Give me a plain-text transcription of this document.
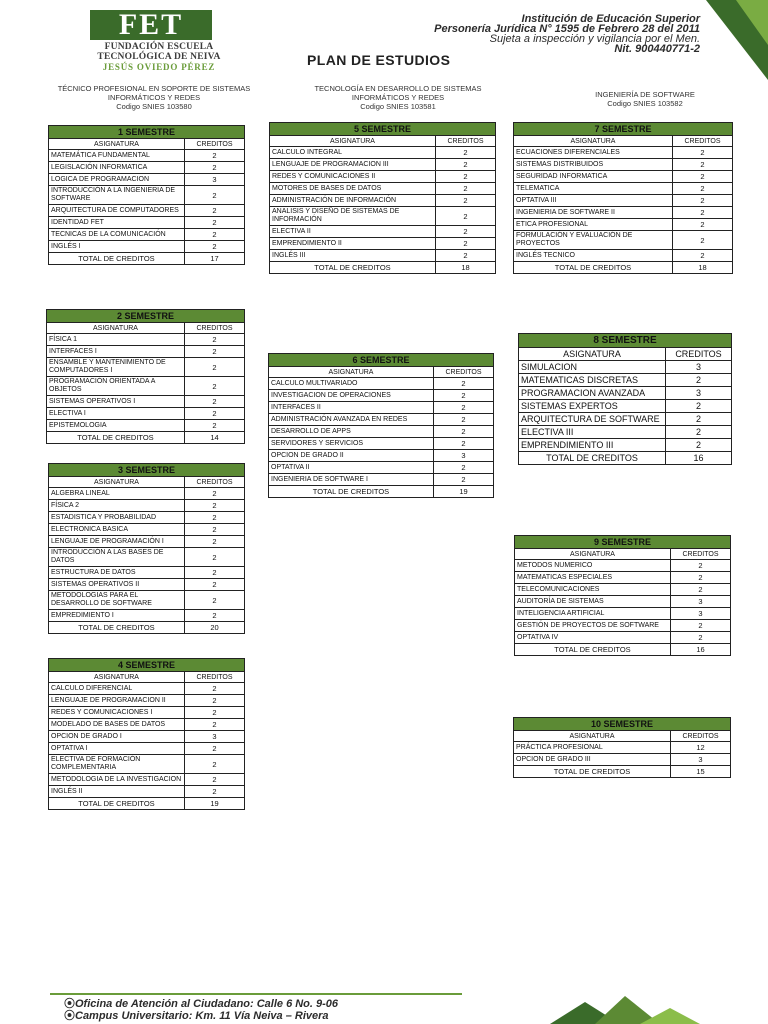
FET
FUNDACIÓN ESCUELA
TECNOLÓGICA DE NEIVA
JESÚS OVIEDO PÉREZ
Institución de Educación Superior
Personería Jurídica N° 1595 de Febrero 28 del 2011
Sujeta a inspección y vigilancia por el Men.
Nit. 900440771-2
PLAN DE ESTUDIOS
TÉCNICO PROFESIONAL EN SOPORTE DE SISTEMAS
INFORMÁTICOS Y REDES
Codigo SNIES 103580
TECNOLOGÍA EN DESARROLLO DE SISTEMAS
INFORMÁTICOS Y REDES
Codigo SNIES 103581
INGENIERÍA DE SOFTWARE
Codigo SNIES 103582
1 SEMESTRE	
ASIGNATURA	CREDITOS
MATEMÁTICA FUNDAMENTAL	2
LEGISLACIÓN INFORMATICA	2
LOGICA DE PROGRAMACION	3
INTRODUCCIÓN A LA INGENIERIA DE SOFTWARE	2
ARQUITECTURA DE COMPUTADORES	2
IDENTIDAD FET	2
TECNICAS DE LA COMUNICACIÓN	2
INGLÉS I	2
TOTAL DE CREDITOS	17
2 SEMESTRE	
ASIGNATURA	CREDITOS
FÍSICA 1	2
INTERFACES I	2
ENSAMBLE Y MANTENIMIENTO DE COMPUTADORES I	2
PROGRAMACIÓN ORIENTADA A OBJETOS	2
SISTEMAS OPERATIVOS I	2
ELECTIVA I	2
EPISTEMOLOGIA	2
TOTAL DE CREDITOS	14
3 SEMESTRE	
ASIGNATURA	CREDITOS
ALGEBRA LINEAL	2
FÍSICA 2	2
ESTADISTICA Y PROBABILIDAD	2
ELECTRONICA BASICA	2
LENGUAJE DE PROGRAMACIÓN I	2
INTRODUCCIÓN A LAS BASES DE DATOS	2
ESTRUCTURA DE DATOS	2
SISTEMAS OPERATIVOS II	2
METODOLOGIAS PARA EL DESARROLLO DE SOFTWARE	2
EMPREDIMIENTO I	2
TOTAL DE CREDITOS	20
4 SEMESTRE	
ASIGNATURA	CREDITOS
CALCULO DIFERENCIAL	2
LENGUAJE DE PROGRAMACION II	2
REDES Y COMUNICACIONES I	2
MODELADO DE BASES DE DATOS	2
OPCION DE GRADO I	3
OPTATIVA I	2
ELECTIVA DE FORMACIÓN COMPLEMENTARIA	2
METODOLOGIA DE LA INVESTIGACION	2
INGLÉS II	2
TOTAL DE CREDITOS	19
5 SEMESTRE	
ASIGNATURA	CREDITOS
CALCULO INTEGRAL	2
LENGUAJE DE PROGRAMACION III	2
REDES Y COMUNICACIONES II	2
MOTORES DE BASES DE DATOS	2
ADMINISTRACIÓN DE INFORMACIÓN	2
ANALISIS Y DISEÑO DE SISTEMAS DE INFORMACIÓN	2
ELECTIVA II	2
EMPRENDIMIENTO II	2
INGLÉS III	2
TOTAL DE CREDITOS	18
6 SEMESTRE	
ASIGNATURA	CREDITOS
CALCULO MULTIVARIADO	2
INVESTIGACION DE OPERACIONES	2
INTERFACES II	2
ADMINISTRACIÓN AVANZADA EN REDES	2
DESARROLLO DE APPS	2
SERVIDORES Y SERVICIOS	2
OPCION DE GRADO II	3
OPTATIVA II	2
INGENIERIA DE SOFTWARE I	2
TOTAL DE CREDITOS	19
7 SEMESTRE	
ASIGNATURA	CREDITOS
ECUACIONES DIFERENCIALES	2
SISTEMAS DISTRIBUIDOS	2
SEGURIDAD INFORMATICA	2
TELEMATICA	2
OPTATIVA III	2
INGENIERIA DE SOFTWARE II	2
ETICA PROFESIONAL	2
FORMULACIÓN Y EVALUACIÓN DE PROYECTOS	2
INGLÉS TECNICO	2
TOTAL DE CREDITOS	18
8 SEMESTRE	
ASIGNATURA	CREDITOS
SIMULACION	3
MATEMATICAS DISCRETAS	2
PROGRAMACION AVANZADA	3
SISTEMAS EXPERTOS	2
ARQUITECTURA DE SOFTWARE	2
ELECTIVA III	2
EMPRENDIMIENTO III	2
TOTAL DE CREDITOS	16
9 SEMESTRE	
ASIGNATURA	CREDITOS
METODOS NUMERICO	2
MATEMATICAS ESPECIALES	2
TELECOMUNICACIONES	2
AUDITORÍA DE SISTEMAS	3
INTELIGENCIA ARTIFICIAL	3
GESTIÓN DE PROYECTOS DE SOFTWARE	2
OPTATIVA IV	2
TOTAL DE CREDITOS	16
10 SEMESTRE	
ASIGNATURA	CREDITOS
PRÁCTICA PROFESIONAL	12
OPCION DE GRADO III	3
TOTAL DE CREDITOS	15
⦿Oficina de Atención al Ciudadano: Calle 6 No. 9-06
⦿Campus Universitario: Km. 11 Vía Neiva – Rivera
